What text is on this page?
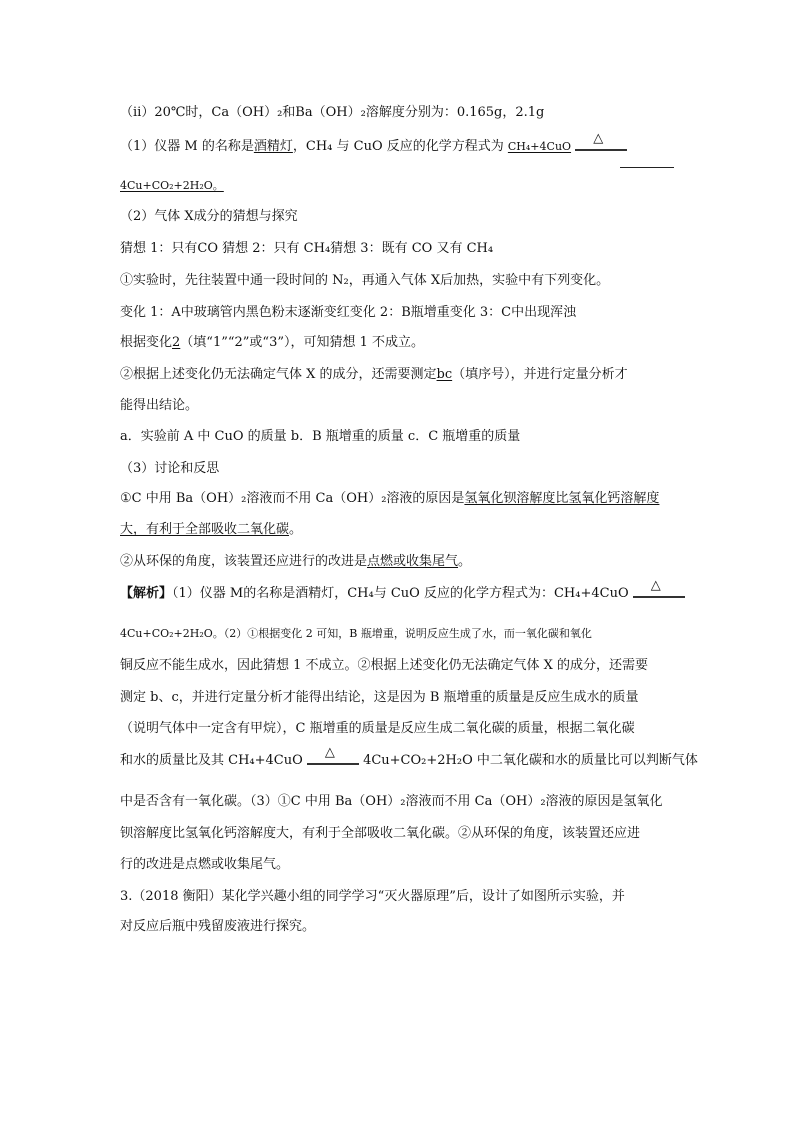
（ⅱ）20℃时，Ca（OH）₂和Ba（OH）₂溶解度分别为：0.165g，2.1g
（1）仪器 M 的名称是酒精灯，CH₄ 与 CuO 反应的化学方程式为 CH₄+4CuO
△
4Cu+CO₂+2H₂O。
（2）气体 X成分的猜想与探究
猜想 1：只有CO 猜想 2：只有 CH₄猜想 3：既有 CO 又有 CH₄
①实验时，先往装置中通一段时间的 N₂，再通入气体 X后加热，实验中有下列变化。
变化 1：A中玻璃管内黑色粉末逐渐变红变化 2：B瓶增重变化 3：C中出现浑浊
根据变化2（填“1”“2”或“3”），可知猜想 1 不成立。
②根据上述变化仍无法确定气体 X 的成分，还需要测定bc（填序号），并进行定量分析才
能得出结论。
a．实验前 A 中 CuO 的质量 b．B 瓶增重的质量 c．C 瓶增重的质量
（3）讨论和反思
①C 中用 Ba（OH）₂溶液而不用 Ca（OH）₂溶液的原因是氢氧化钡溶解度比氢氧化钙溶解度
大，有利于全部吸收二氧化碳。
②从环保的角度，该装置还应进行的改进是点燃或收集尾气。
【解析】（1）仪器 M的名称是酒精灯，CH₄与 CuO 反应的化学方程式为：CH₄+4CuO
△
4Cu+CO₂+2H₂O。（2）①根据变化 2 可知，B 瓶增重，说明反应生成了水，而一氧化碳和氧化
铜反应不能生成水，因此猜想 1 不成立。②根据上述变化仍无法确定气体 X 的成分，还需要
测定 b、c，并进行定量分析才能得出结论，这是因为 B 瓶增重的质量是反应生成水的质量
（说明气体中一定含有甲烷），C 瓶增重的质量是反应生成二氧化碳的质量，根据二氧化碳
和水的质量比及其 CH₄+4CuO
△
4Cu+CO₂+2H₂O 中二氧化碳和水的质量比可以判断气体
中是否含有一氧化碳。（3）①C 中用 Ba（OH）₂溶液而不用 Ca（OH）₂溶液的原因是氢氧化
钡溶解度比氢氧化钙溶解度大，有利于全部吸收二氧化碳。②从环保的角度，该装置还应进
行的改进是点燃或收集尾气。
3.（2018 衡阳）某化学兴趣小组的同学学习“灭火器原理”后，设计了如图所示实验，并
对反应后瓶中残留废液进行探究。
